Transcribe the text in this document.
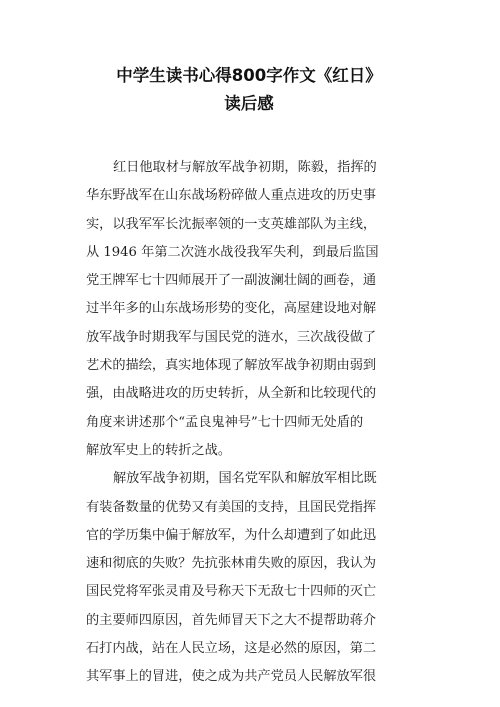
中学生读书心得800字作文《红日》
读后感

红日他取材与解放军战争初期，陈毅，指挥的
华东野战军在山东战场粉碎做人重点进攻的历史事
实，以我军军长沈振率领的一支英雄部队为主线，
从 1946 年第二次涟水战役我军失利，到最后监国
党王牌军七十四师展开了一副波澜壮阔的画卷，通
过半年多的山东战场形势的变化，高屋建设地对解
放军战争时期我军与国民党的涟水，三次战役做了
艺术的描绘，真实地体现了解放军战争初期由弱到
强，由战略进攻的历史转折，从全新和比较现代的
角度来讲述那个“孟良鬼神号”七十四师无处盾的
解放军史上的转折之战。

解放军战争初期，国名党军队和解放军相比既
有装备数量的优势又有美国的支持，且国民党指挥
官的学历集中偏于解放军，为什么却遭到了如此迅
速和彻底的失败？先抗张林甫失败的原因，我认为
国民党将军张灵甫及号称天下无敌七十四师的灭亡
的主要师四原因，首先师冒天下之大不提帮助蒋介
石打内战，站在人民立场，这是必然的原因，第二
其军事上的冒进，使之成为共产党员人民解放军很
